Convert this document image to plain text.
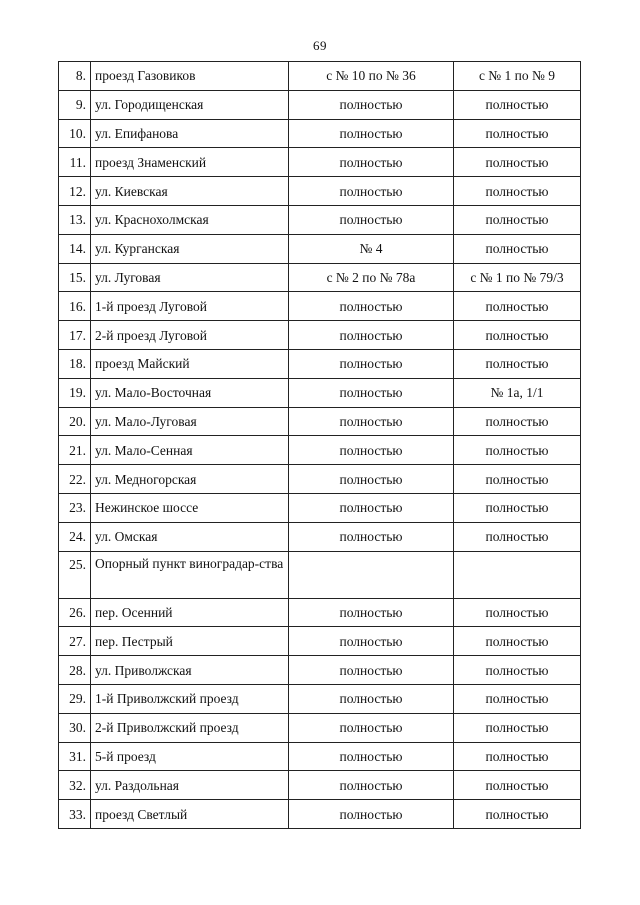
69
8.	проезд Газовиков	с № 10 по № 36	с № 1 по № 9
9.	ул. Городищенская	полностью	полностью
10.	ул. Епифанова	полностью	полностью
11.	проезд Знаменский	полностью	полностью
12.	ул. Киевская	полностью	полностью
13.	ул. Краснохолмская	полностью	полностью
14.	ул. Курганская	№ 4	полностью
15.	ул. Луговая	с № 2 по № 78а	с № 1 по № 79/3
16.	1-й проезд Луговой	полностью	полностью
17.	2-й проезд Луговой	полностью	полностью
18.	проезд Майский	полностью	полностью
19.	ул. Мало-Восточная	полностью	№ 1а, 1/1
20.	ул. Мало-Луговая	полностью	полностью
21.	ул. Мало-Сенная	полностью	полностью
22.	ул. Медногорская	полностью	полностью
23.	Нежинское шоссе	полностью	полностью
24.	ул. Омская	полностью	полностью
25.	Опорный пункт виноградар-ства		
26.	пер. Осенний	полностью	полностью
27.	пер. Пестрый	полностью	полностью
28.	ул. Приволжская	полностью	полностью
29.	1-й Приволжский проезд	полностью	полностью
30.	2-й Приволжский проезд	полностью	полностью
31.	5-й проезд	полностью	полностью
32.	ул. Раздольная	полностью	полностью
33.	проезд Светлый	полностью	полностью
